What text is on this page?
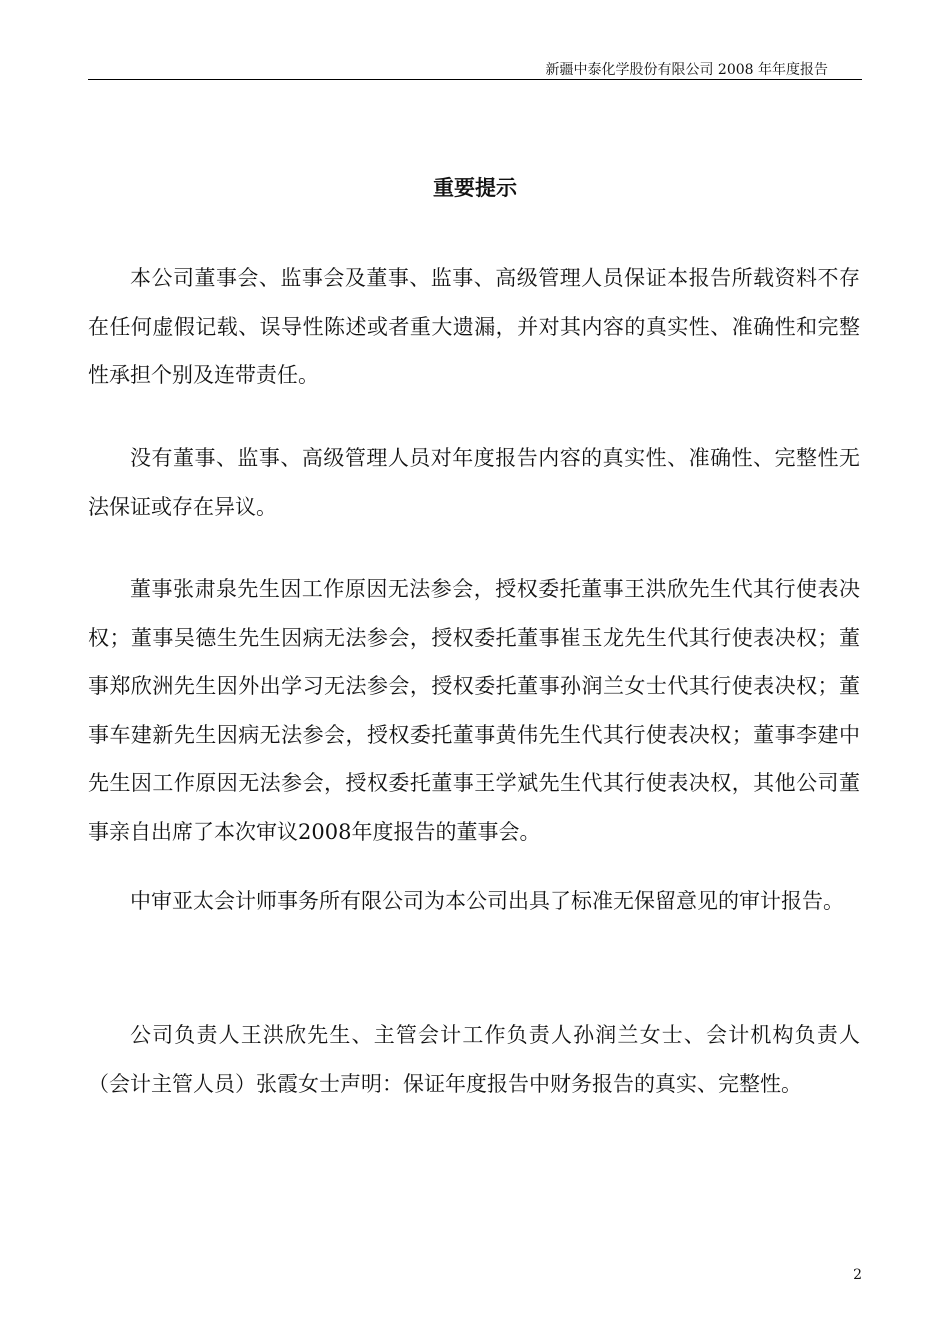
新疆中泰化学股份有限公司 2008 年年度报告
重要提示

本公司董事会、监事会及董事、监事、高级管理人员保证本报告所载资料不存在任何虚假记载、误导性陈述或者重大遗漏，并对其内容的真实性、准确性和完整性承担个别及连带责任。

没有董事、监事、高级管理人员对年度报告内容的真实性、准确性、完整性无法保证或存在异议。

董事张肃泉先生因工作原因无法参会，授权委托董事王洪欣先生代其行使表决权；董事吴德生先生因病无法参会，授权委托董事崔玉龙先生代其行使表决权；董事郑欣洲先生因外出学习无法参会，授权委托董事孙润兰女士代其行使表决权；董事车建新先生因病无法参会，授权委托董事黄伟先生代其行使表决权；董事李建中先生因工作原因无法参会，授权委托董事王学斌先生代其行使表决权，其他公司董事亲自出席了本次审议2008年度报告的董事会。

中审亚太会计师事务所有限公司为本公司出具了标准无保留意见的审计报告。

公司负责人王洪欣先生、主管会计工作负责人孙润兰女士、会计机构负责人（会计主管人员）张霞女士声明：保证年度报告中财务报告的真实、完整性。

2
